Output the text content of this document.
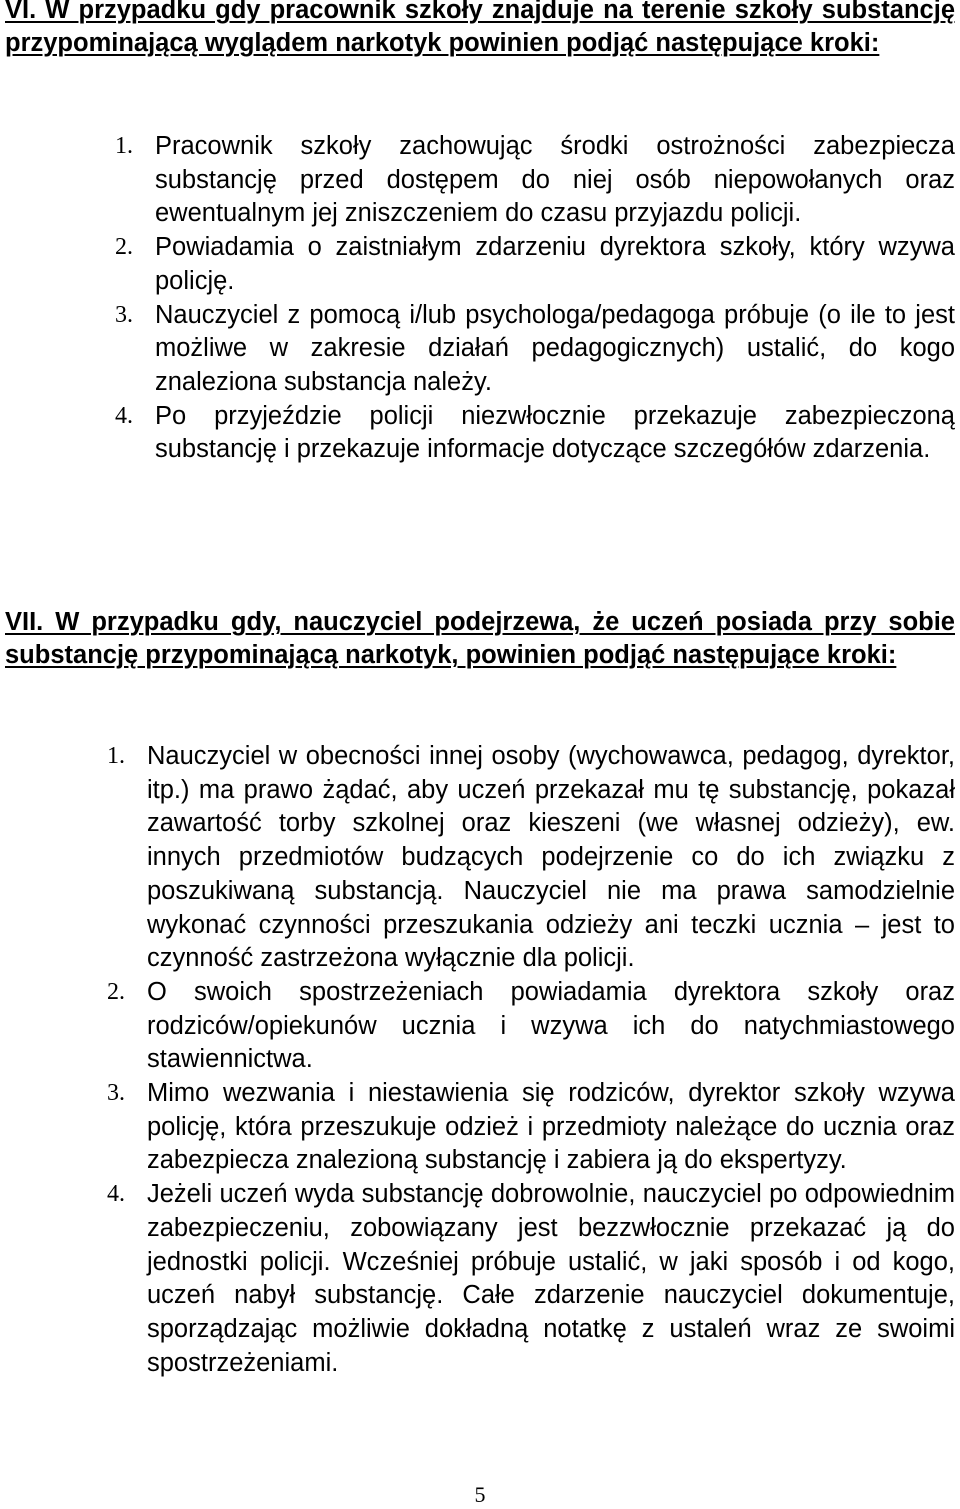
VI. W przypadku gdy pracownik szkoły znajduje na terenie szkoły substancję przypominającą wyglądem narkotyk powinien podjąć następujące kroki:

1. Pracownik szkoły zachowując środki ostrożności zabezpiecza substancję przed dostępem do niej osób niepowołanych oraz ewentualnym jej zniszczeniem do czasu przyjazdu policji.
2. Powiadamia o zaistniałym zdarzeniu dyrektora szkoły, który wzywa policję.
3. Nauczyciel z pomocą i/lub psychologa/pedagoga próbuje (o ile to jest możliwe w zakresie działań pedagogicznych) ustalić, do kogo znaleziona substancja należy.
4. Po przyjeździe policji niezwłocznie przekazuje zabezpieczoną substancję i przekazuje informacje dotyczące szczegółów zdarzenia.

VII. W przypadku gdy, nauczyciel podejrzewa, że uczeń posiada przy sobie substancję przypominającą narkotyk, powinien podjąć następujące kroki:

1. Nauczyciel w obecności innej osoby (wychowawca, pedagog, dyrektor, itp.) ma prawo żądać, aby uczeń przekazał mu tę substancję, pokazał zawartość torby szkolnej oraz kieszeni (we własnej odzieży), ew. innych przedmiotów budzących podejrzenie co do ich związku z poszukiwaną substancją. Nauczyciel nie ma prawa samodzielnie wykonać czynności przeszukania odzieży ani teczki ucznia – jest to czynność zastrzeżona wyłącznie dla policji.
2. O swoich spostrzeżeniach powiadamia dyrektora szkoły oraz rodziców/opiekunów ucznia i wzywa ich do natychmiastowego stawiennictwa.
3. Mimo wezwania i niestawienia się rodziców, dyrektor szkoły wzywa policję, która przeszukuje odzież i przedmioty należące do ucznia oraz zabezpiecza znalezioną substancję i zabiera ją do ekspertyzy.
4. Jeżeli uczeń wyda substancję dobrowolnie, nauczyciel po odpowiednim zabezpieczeniu, zobowiązany jest bezzwłocznie przekazać ją do jednostki policji. Wcześniej próbuje ustalić, w jaki sposób i od kogo, uczeń nabył substancję. Całe zdarzenie nauczyciel dokumentuje, sporządzając możliwie dokładną notatkę z ustaleń wraz ze swoimi spostrzeżeniami.

5
